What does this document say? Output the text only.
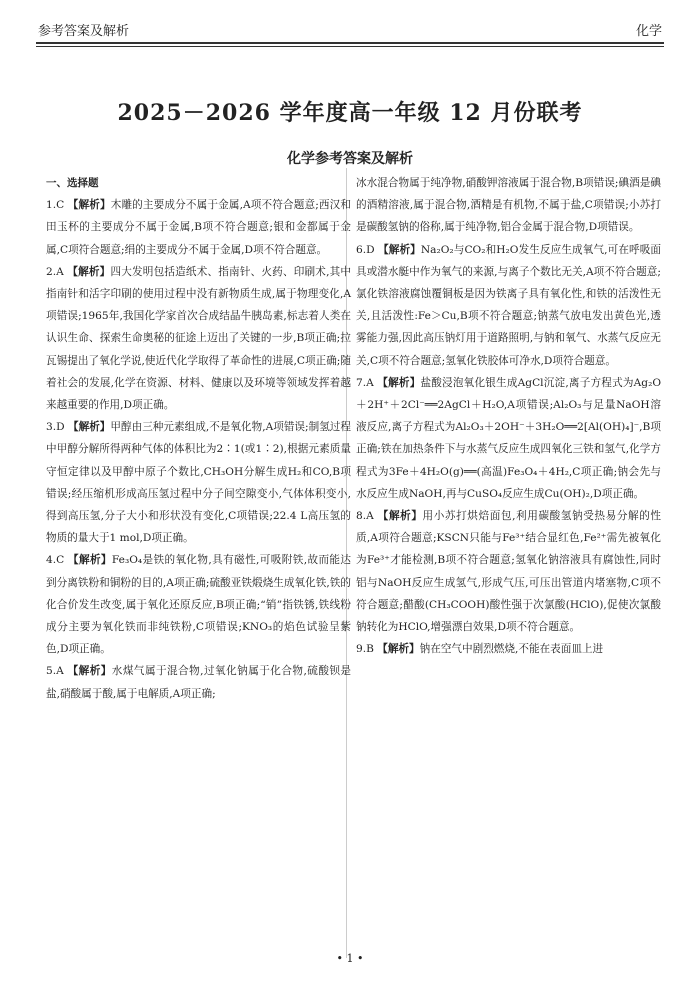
参考答案及解析	化学
2025－2026 学年度高一年级 12 月份联考
化学参考答案及解析
一、选择题

1.C 【解析】木雕的主要成分不属于金属,A项不符合题意;西汉和田玉杯的主要成分不属于金属,B项不符合题意;银和金都属于金属,C项符合题意;绢的主要成分不属于金属,D项不符合题意。

2.A 【解析】四大发明包括造纸术、指南针、火药、印刷术,其中指南针和活字印刷的使用过程中没有新物质生成,属于物理变化,A项错误;1965年,我国化学家首次合成结晶牛胰岛素,标志着人类在认识生命、探索生命奥秘的征途上迈出了关键的一步,B项正确;拉瓦锡提出了氧化学说,使近代化学取得了革命性的进展,C项正确;随着社会的发展,化学在资源、材料、健康以及环境等领域发挥着越来越重要的作用,D项正确。

3.D 【解析】甲醇由三种元素组成,不是氧化物,A项错误;制氢过程中甲醇分解所得两种气体的体积比为2∶1(或1∶2),根据元素质量守恒定律以及甲醇中原子个数比,CH₃OH分解生成H₂和CO,B项错误;经压缩机形成高压氢过程中分子间空隙变小,气体体积变小,得到高压氢,分子大小和形状没有变化,C项错误;22.4 L高压氢的物质的量大于1 mol,D项正确。

4.C 【解析】Fe₃O₄是铁的氧化物,具有磁性,可吸附铁,故而能达到分离铁粉和铜粉的目的,A项正确;硫酸亚铁煅烧生成氧化铁,铁的化合价发生改变,属于氧化还原反应,B项正确;“销”指铁锈,铁线粉成分主要为氧化铁而非纯铁粉,C项错误;KNO₃的焰色试验呈紫色,D项正确。

5.A 【解析】水煤气属于混合物,过氧化钠属于化合物,硫酸钡是盐,硝酸属于酸,属于电解质,A项正确;

冰水混合物属于纯净物,硝酸钾溶液属于混合物,B项错误;碘酒是碘的酒精溶液,属于混合物,酒精是有机物,不属于盐,C项错误;小苏打是碳酸氢钠的俗称,属于纯净物,铝合金属于混合物,D项错误。

6.D 【解析】Na₂O₂与CO₂和H₂O发生反应生成氧气,可在呼吸面具或潜水艇中作为氧气的来源,与离子个数比无关,A项不符合题意;氯化铁溶液腐蚀覆铜板是因为铁离子具有氧化性,和铁的活泼性无关,且活泼性:Fe＞Cu,B项不符合题意;钠蒸气放电发出黄色光,透雾能力强,因此高压钠灯用于道路照明,与钠和氧气、水蒸气反应无关,C项不符合题意;氢氧化铁胶体可净水,D项符合题意。

7.A 【解析】盐酸浸泡氧化银生成AgCl沉淀,离子方程式为Ag₂O＋2H⁺＋2Cl⁻══2AgCl＋H₂O,A项错误;Al₂O₃与足量NaOH溶液反应,离子方程式为Al₂O₃＋2OH⁻＋3H₂O══2[Al(OH)₄]⁻,B项正确;铁在加热条件下与水蒸气反应生成四氧化三铁和氢气,化学方程式为3Fe＋4H₂O(g)══(高温)Fe₃O₄＋4H₂,C项正确;钠会先与水反应生成NaOH,再与CuSO₄反应生成Cu(OH)₂,D项正确。

8.A 【解析】用小苏打烘焙面包,利用碳酸氢钠受热易分解的性质,A项符合题意;KSCN只能与Fe³⁺结合显红色,Fe²⁺需先被氧化为Fe³⁺才能检测,B项不符合题意;氢氧化钠溶液具有腐蚀性,同时铝与NaOH反应生成氢气,形成气压,可压出管道内堵塞物,C项不符合题意;醋酸(CH₃COOH)酸性强于次氯酸(HClO),促使次氯酸钠转化为HClO,增强漂白效果,D项不符合题意。

9.B 【解析】钠在空气中剧烈燃烧,不能在表面皿上进

• 1 •
